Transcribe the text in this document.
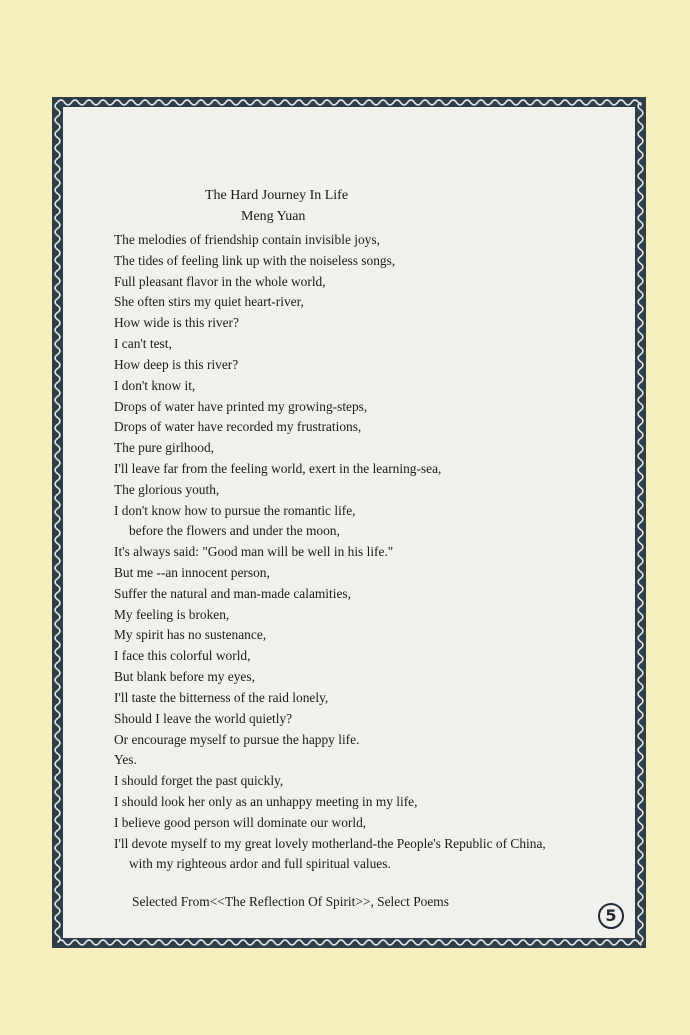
The Hard Journey In Life
Meng Yuan
The melodies of friendship contain invisible joys,
The tides of feeling link up with the noiseless songs,
Full pleasant flavor in the whole world,
She often stirs my quiet heart-river,
How wide is this river?
I can't test,
How deep is this river?
I don't know it,
Drops of water have printed my growing-steps,
Drops of water have recorded my frustrations,
The pure girlhood,
I'll leave far from the feeling world, exert in the learning-sea,
The glorious youth,
I don't know how to pursue the romantic life,
before the flowers and under the moon,
It's always said: "Good man will be well in his life."
But me --an innocent person,
Suffer the natural and man-made calamities,
My feeling is broken,
My spirit has no sustenance,
I face this colorful world,
But blank before my eyes,
I'll taste the bitterness of the raid lonely,
Should I leave the world quietly?
Or encourage myself to pursue the happy life.
Yes.
I should forget the past quickly,
I should look her only as an unhappy meeting in my life,
I believe good person will dominate our world,
I'll devote myself to my great lovely motherland-the People's Republic of China,
with my righteous ardor and full spiritual values.
Selected From<<The Reflection Of Spirit>>, Select Poems
5
